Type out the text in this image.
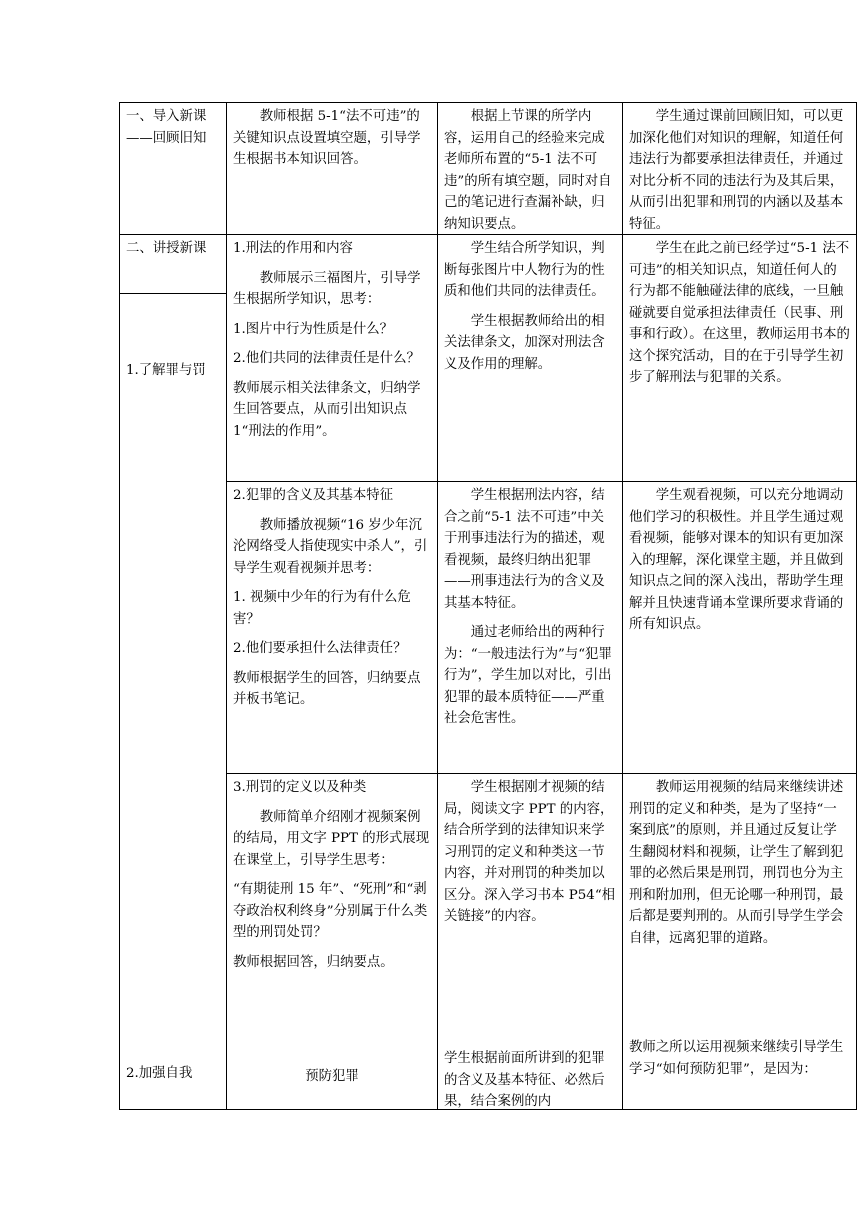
一、导入新课——回顾旧知

教师根据 5-1“法不可违”的关键知识点设置填空题，引导学生根据书本知识回答。

根据上节课的所学内容，运用自己的经验来完成老师所布置的“5-1 法不可违”的所有填空题，同时对自己的笔记进行查漏补缺，归纳知识要点。

学生通过课前回顾旧知，可以更加深化他们对知识的理解，知道任何违法行为都要承担法律责任，并通过对比分析不同的违法行为及其后果，从而引出犯罪和刑罚的内涵以及基本特征。

二、讲授新课

1.了解罪与罚

1.刑法的作用和内容

教师展示三福图片，引导学生根据所学知识，思考：

1.图片中行为性质是什么？

2.他们共同的法律责任是什么？

教师展示相关法律条文，归纳学生回答要点，从而引出知识点 1“刑法的作用”。

学生结合所学知识，判断每张图片中人物行为的性质和他们共同的法律责任。

学生根据教师给出的相关法律条文，加深对刑法含义及作用的理解。

学生在此之前已经学过“5-1 法不可违”的相关知识点，知道任何人的行为都不能触碰法律的底线，一旦触碰就要自觉承担法律责任（民事、刑事和行政）。在这里，教师运用书本的这个探究活动，目的在于引导学生初步了解刑法与犯罪的关系。

2.犯罪的含义及其基本特征

教师播放视频“16 岁少年沉沦网络受人指使现实中杀人”，引导学生观看视频并思考：

1. 视频中少年的行为有什么危害？

2.他们要承担什么法律责任？

教师根据学生的回答，归纳要点并板书笔记。

学生根据刑法内容，结合之前“5-1 法不可违”中关于刑事违法行为的描述，观看视频，最终归纳出犯罪——刑事违法行为的含义及其基本特征。

通过老师给出的两种行为：“一般违法行为”与“犯罪行为”，学生加以对比，引出犯罪的最本质特征——严重社会危害性。

学生观看视频，可以充分地调动他们学习的积极性。并且学生通过观看视频，能够对课本的知识有更加深入的理解，深化课堂主题，并且做到知识点之间的深入浅出，帮助学生理解并且快速背诵本堂课所要求背诵的所有知识点。

2.加强自我

3.刑罚的定义以及种类

教师简单介绍刚才视频案例的结局，用文字 PPT 的形式展现在课堂上，引导学生思考：

“有期徒刑 15 年”、“死刑”和“剥夺政治权利终身”分别属于什么类型的刑罚处罚？

教师根据回答，归纳要点。

预防犯罪

学生根据刚才视频的结局，阅读文字 PPT 的内容，结合所学到的法律知识来学习刑罚的定义和种类这一节内容，并对刑罚的种类加以区分。深入学习书本 P54“相关链接”的内容。

学生根据前面所讲到的犯罪的含义及基本特征、必然后果，结合案例的内

教师运用视频的结局来继续讲述刑罚的定义和种类，是为了坚持“一案到底”的原则，并且通过反复让学生翻阅材料和视频，让学生了解到犯罪的必然后果是刑罚，刑罚也分为主刑和附加刑，但无论哪一种刑罚，最后都是要判刑的。从而引导学生学会自律，远离犯罪的道路。

教师之所以运用视频来继续引导学生学习“如何预防犯罪”，是因为：
